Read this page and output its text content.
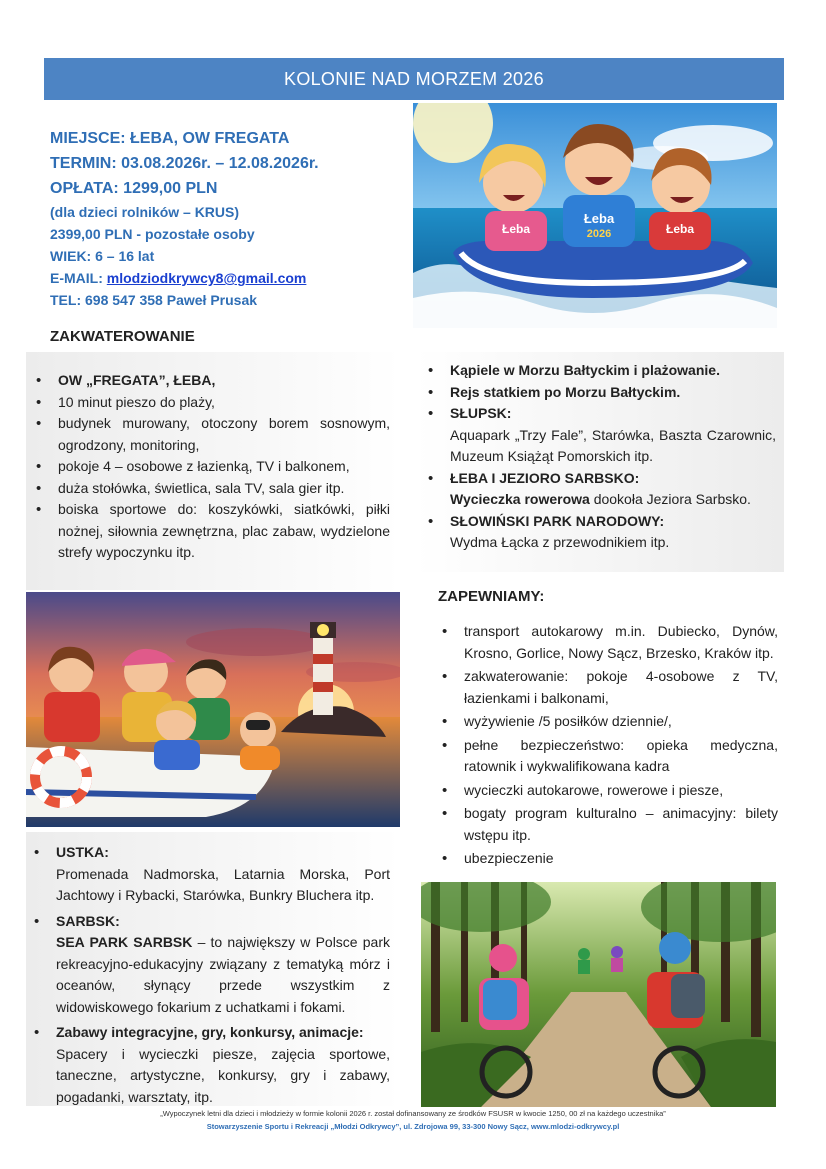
KOLONIE NAD MORZEM 2026
MIEJSCE: ŁEBA, OW FREGATA
TERMIN: 03.08.2026r. – 12.08.2026r.
OPŁATA: 1299,00 PLN
(dla dzieci rolników – KRUS)
2399,00 PLN - pozostałe osoby
WIEK: 6 – 16 lat
E-MAIL: mlodziodkrywcy8@gmail.com
TEL: 698 547 358 Paweł Prusak
Łeba
Łeba
2026	Łeba
ZAKWATEROWANIE
• OW „FREGATA”, ŁEBA,
• 10 minut pieszo do plaży,
• budynek murowany, otoczony borem sosnowym, ogrodzony, monitoring,
• pokoje 4 – osobowe z łazienką, TV i balkonem,
• duża stołówka, świetlica, sala TV, sala gier itp.
• boiska sportowe do: koszykówki, siatkówki, piłki nożnej, siłownia zewnętrzna, plac zabaw, wydzielone strefy wypoczynku itp.
• Kąpiele w Morzu Bałtyckim i plażowanie.
• Rejs statkiem po Morzu Bałtyckim.
• SŁUPSK:
Aquapark „Trzy Fale”, Starówka, Baszta Czarownic, Muzeum Książąt Pomorskich itp.
• ŁEBA I JEZIORO SARBSKO:
Wycieczka rowerowa dookoła Jeziora Sarbsko.
• SŁOWIŃSKI PARK NARODOWY:
Wydma Łącka z przewodnikiem itp.
ZAPEWNIAMY:
• transport autokarowy m.in. Dubiecko, Dynów, Krosno, Gorlice, Nowy Sącz, Brzesko, Kraków itp.
• zakwaterowanie: pokoje 4-osobowe z TV, łazienkami i balkonami,
• wyżywienie /5 posiłków dziennie/,
• pełne bezpieczeństwo: opieka medyczna, ratownik i wykwalifikowana kadra
• wycieczki autokarowe, rowerowe i piesze,
• bogaty program kulturalno – animacyjny: bilety wstępu itp.
• ubezpieczenie
• USTKA:
Promenada Nadmorska, Latarnia Morska, Port Jachtowy i Rybacki, Starówka, Bunkry Bluchera itp.
• SARBSK:
SEA PARK SARBSK – to największy w Polsce park rekreacyjno-edukacyjny związany z tematyką mórz i oceanów, słynący przede wszystkim z widowiskowego fokarium z uchatkami i fokami.
• Zabawy integracyjne, gry, konkursy, animacje:
Spacery i wycieczki piesze, zajęcia sportowe, taneczne, artystyczne, konkursy, gry i zabawy, pogadanki, warsztaty, itp.
„Wypoczynek letni dla dzieci i młodzieży w formie kolonii 2026 r. został dofinansowany ze środków FSUSR w kwocie 1250, 00 zł na każdego uczestnika”
Stowarzyszenie Sportu i Rekreacji „Młodzi Odkrywcy”, ul. Zdrojowa 99, 33-300 Nowy Sącz, www.mlodzi-odkrywcy.pl
